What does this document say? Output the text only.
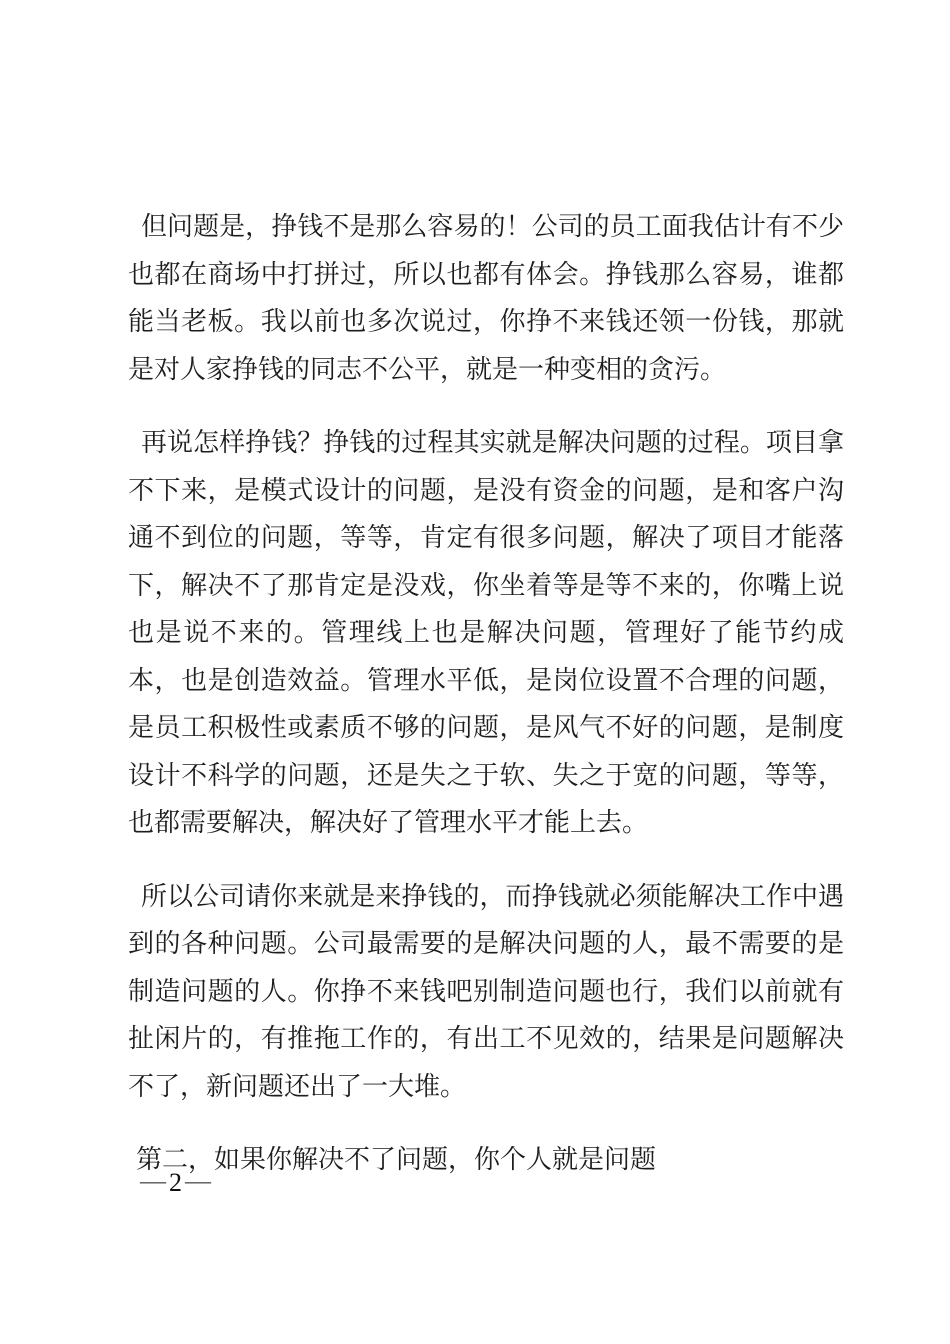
但问题是，挣钱不是那么容易的！公司的员工面我估计有不少也都在商场中打拼过，所以也都有体会。挣钱那么容易，谁都能当老板。我以前也多次说过，你挣不来钱还领一份钱，那就是对人家挣钱的同志不公平，就是一种变相的贪污。

再说怎样挣钱？挣钱的过程其实就是解决问题的过程。项目拿不下来，是模式设计的问题，是没有资金的问题，是和客户沟通不到位的问题，等等，肯定有很多问题，解决了项目才能落下，解决不了那肯定是没戏，你坐着等是等不来的，你嘴上说也是说不来的。管理线上也是解决问题，管理好了能节约成本，也是创造效益。管理水平低，是岗位设置不合理的问题，是员工积极性或素质不够的问题，是风气不好的问题，是制度设计不科学的问题，还是失之于软、失之于宽的问题，等等，也都需要解决，解决好了管理水平才能上去。

所以公司请你来就是来挣钱的，而挣钱就必须能解决工作中遇到的各种问题。公司最需要的是解决问题的人，最不需要的是制造问题的人。你挣不来钱吧别制造问题也行，我们以前就有扯闲片的，有推拖工作的，有出工不见效的，结果是问题解决不了，新问题还出了一大堆。

第二，如果你解决不了问题，你个人就是问题

—2—
